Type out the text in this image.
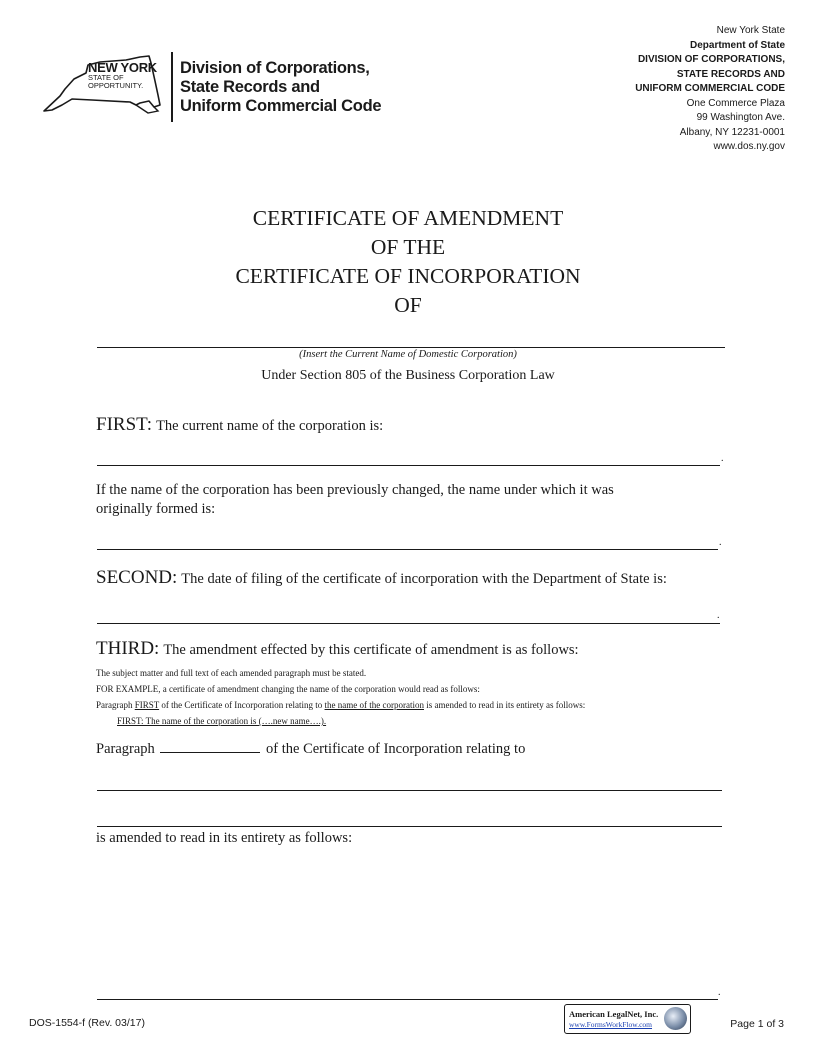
NEW YORK
STATE OF
OPPORTUNITY.
Division of Corporations,
State Records and
Uniform Commercial Code
New York State
Department of State
DIVISION OF CORPORATIONS,
STATE RECORDS AND
UNIFORM COMMERCIAL CODE
One Commerce Plaza
99 Washington Ave.
Albany, NY 12231-0001
www.dos.ny.gov
CERTIFICATE OF AMENDMENT
OF THE
CERTIFICATE OF INCORPORATION
OF
(Insert the Current Name of Domestic Corporation)
Under Section 805 of the Business Corporation Law
FIRST: The current name of the corporation is:
.
If the name of the corporation has been previously changed, the name under which it was
originally formed is:
.
SECOND: The date of filing of the certificate of incorporation with the Department of State is:
.
THIRD: The amendment effected by this certificate of amendment is as follows:
The subject matter and full text of each amended paragraph must be stated.
FOR EXAMPLE, a certificate of amendment changing the name of the corporation would read as follows:
Paragraph FIRST of the Certificate of Incorporation relating to the name of the corporation is amended to read in its entirety as follows:
FIRST: The name of the corporation is (….new name….).
Paragraph	of the Certificate of Incorporation relating to
is amended to read in its entirety as follows:
.
DOS-1554-f (Rev. 03/17)
American LegalNet, Inc.
www.FormsWorkFlow.com	Page 1 of 3
